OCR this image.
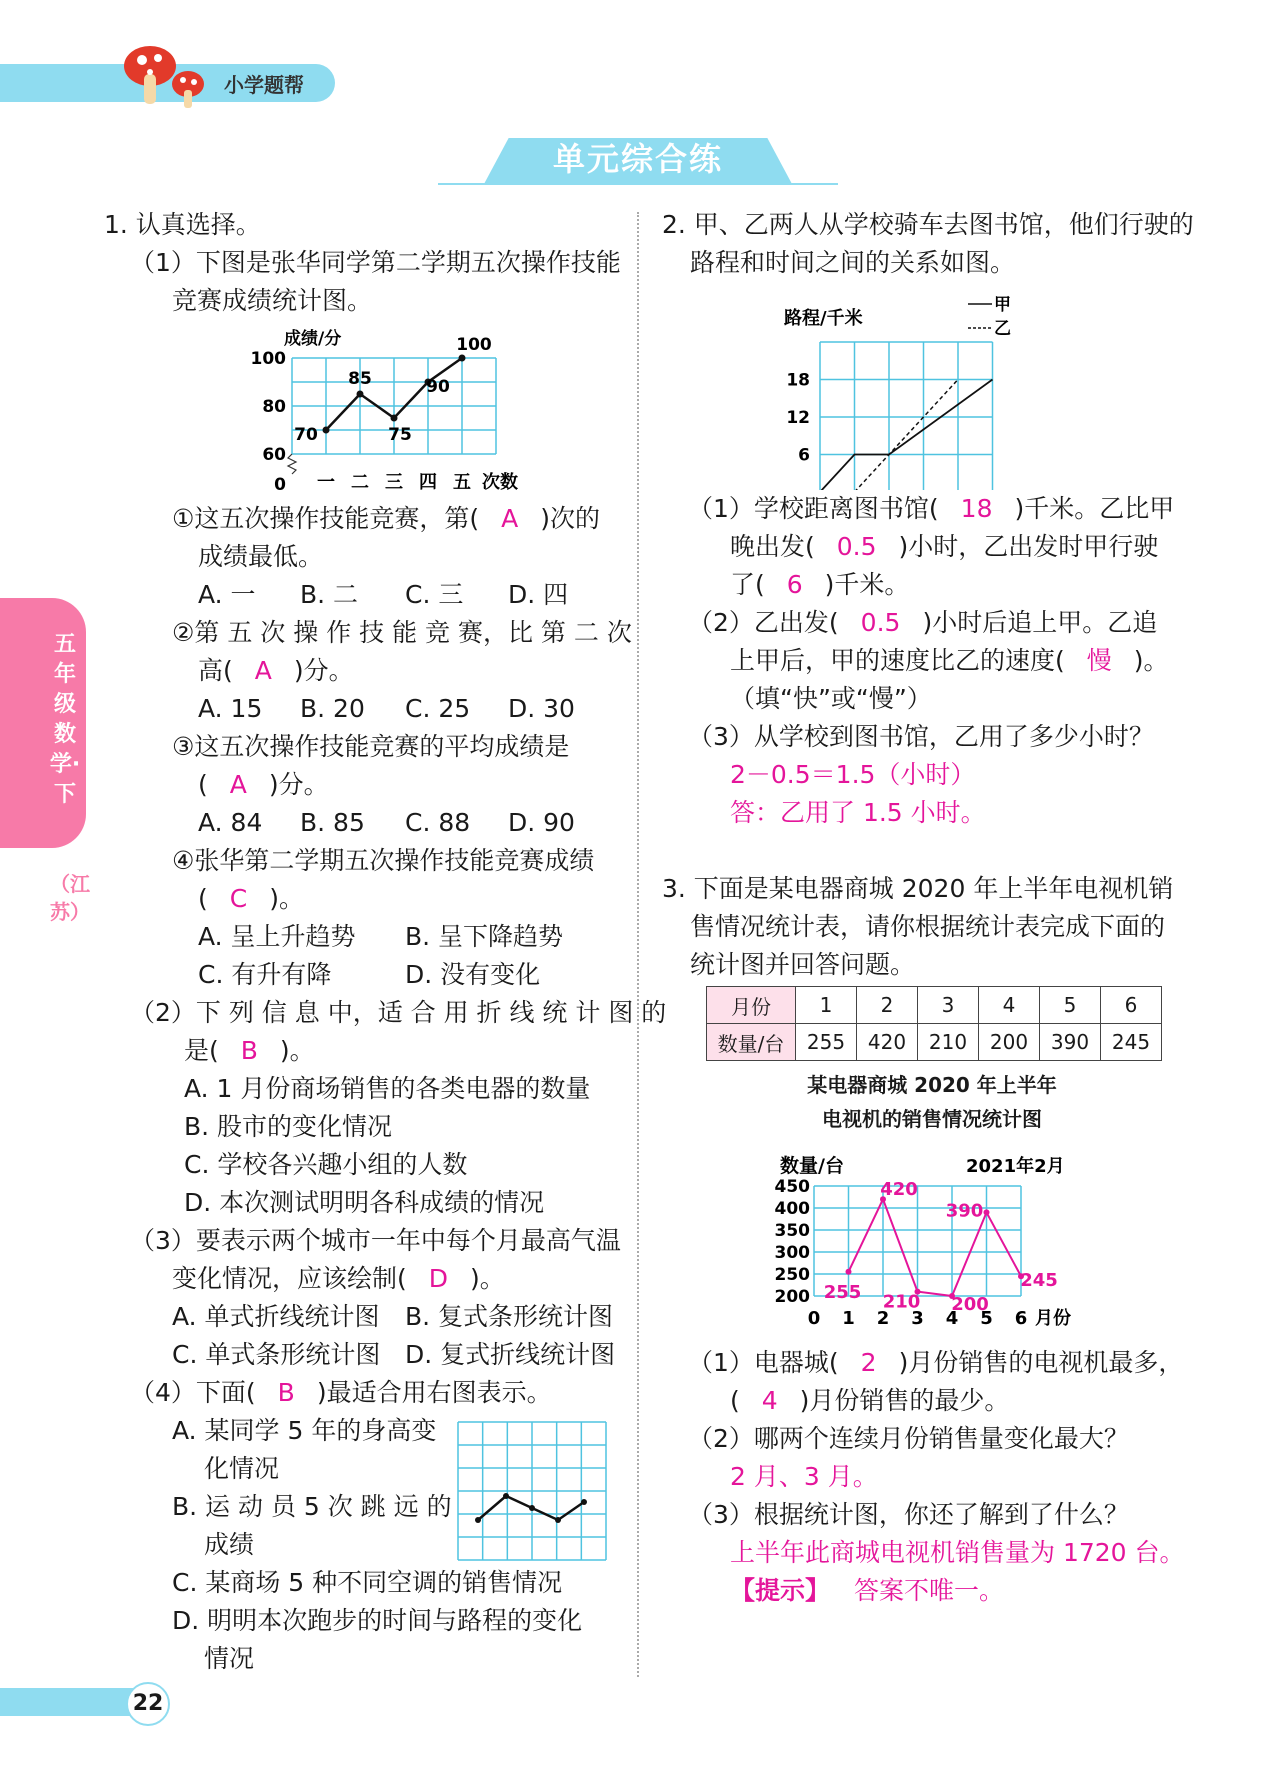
小学题帮
单元综合练
五年级数学·下
（江苏）
1. 认真选择。
（1）下图是张华同学第二学期五次操作技能
竞赛成绩统计图。
成绩/分
0
60
80
100
一 二 三 四 五 次数
70
85
75
90
100
①这五次操作技能竞赛，第( A )次的
成绩最低。
A. 一 B. 二 C. 三 D. 四
②第 五 次 操 作 技 能 竞 赛，比 第 二 次
高( A )分。
A. 15 B. 20 C. 25 D. 30
③这五次操作技能竞赛的平均成绩是
( A )分。
A. 84 B. 85 C. 88 D. 90
④张华第二学期五次操作技能竞赛成绩
( C )。
A. 呈上升趋势 B. 呈下降趋势
C. 有升有降	D. 没有变化
（2）下 列 信 息 中，适 合 用 折 线 统 计 图 的
是( B )。
A. 1 月份商场销售的各类电器的数量
B. 股市的变化情况
C. 学校各兴趣小组的人数
D. 本次测试明明各科成绩的情况
（3）要表示两个城市一年中每个月最高气温
变化情况，应该绘制( D )。
A. 单式折线统计图 B. 复式条形统计图
C. 单式条形统计图 D. 复式折线统计图
（4）下面( B )最适合用右图表示。
A. 某同学 5 年的身高变
化情况
B. 运 动 员 5 次 跳 远 的
成绩
C. 某商场 5 种不同空调的销售情况
D. 明明本次跑步的时间与路程的变化
情况
2. 甲、乙两人从学校骑车去图书馆，他们行驶的
路程和时间之间的关系如图。
路程/千米
甲
乙
6
12
18
（1）学校距离图书馆( 18 )千米。乙比甲
晚出发( 0.5 )小时，乙出发时甲行驶
了( 6 )千米。
（2）乙出发( 0.5 )小时后追上甲。乙追
上甲后，甲的速度比乙的速度( 慢 )。
（填“快”或“慢”）
（3）从学校到图书馆，乙用了多少小时？
2－0.5＝1.5（小时）
答：乙用了 1.5 小时。
3. 下面是某电器商城 2020 年上半年电视机销
售情况统计表，请你根据统计表完成下面的
统计图并回答问题。
月份	1	2	3	4	5	6
数量/台	255	420	210	200	390	245
某电器商城 2020 年上半年
电视机的销售情况统计图
数量/台	2021年2月
200
250
300
350
400
450
0 1 2 3 4 5 6 月份
255
420
210 200
390
245
（1）电器城( 2 )月份销售的电视机最多，
( 4 )月份销售的最少。
（2）哪两个连续月份销售量变化最大？
2 月、3 月。
（3）根据统计图，你还了解到了什么？
上半年此商城电视机销售量为 1720 台。
【提示】 答案不唯一。
22
